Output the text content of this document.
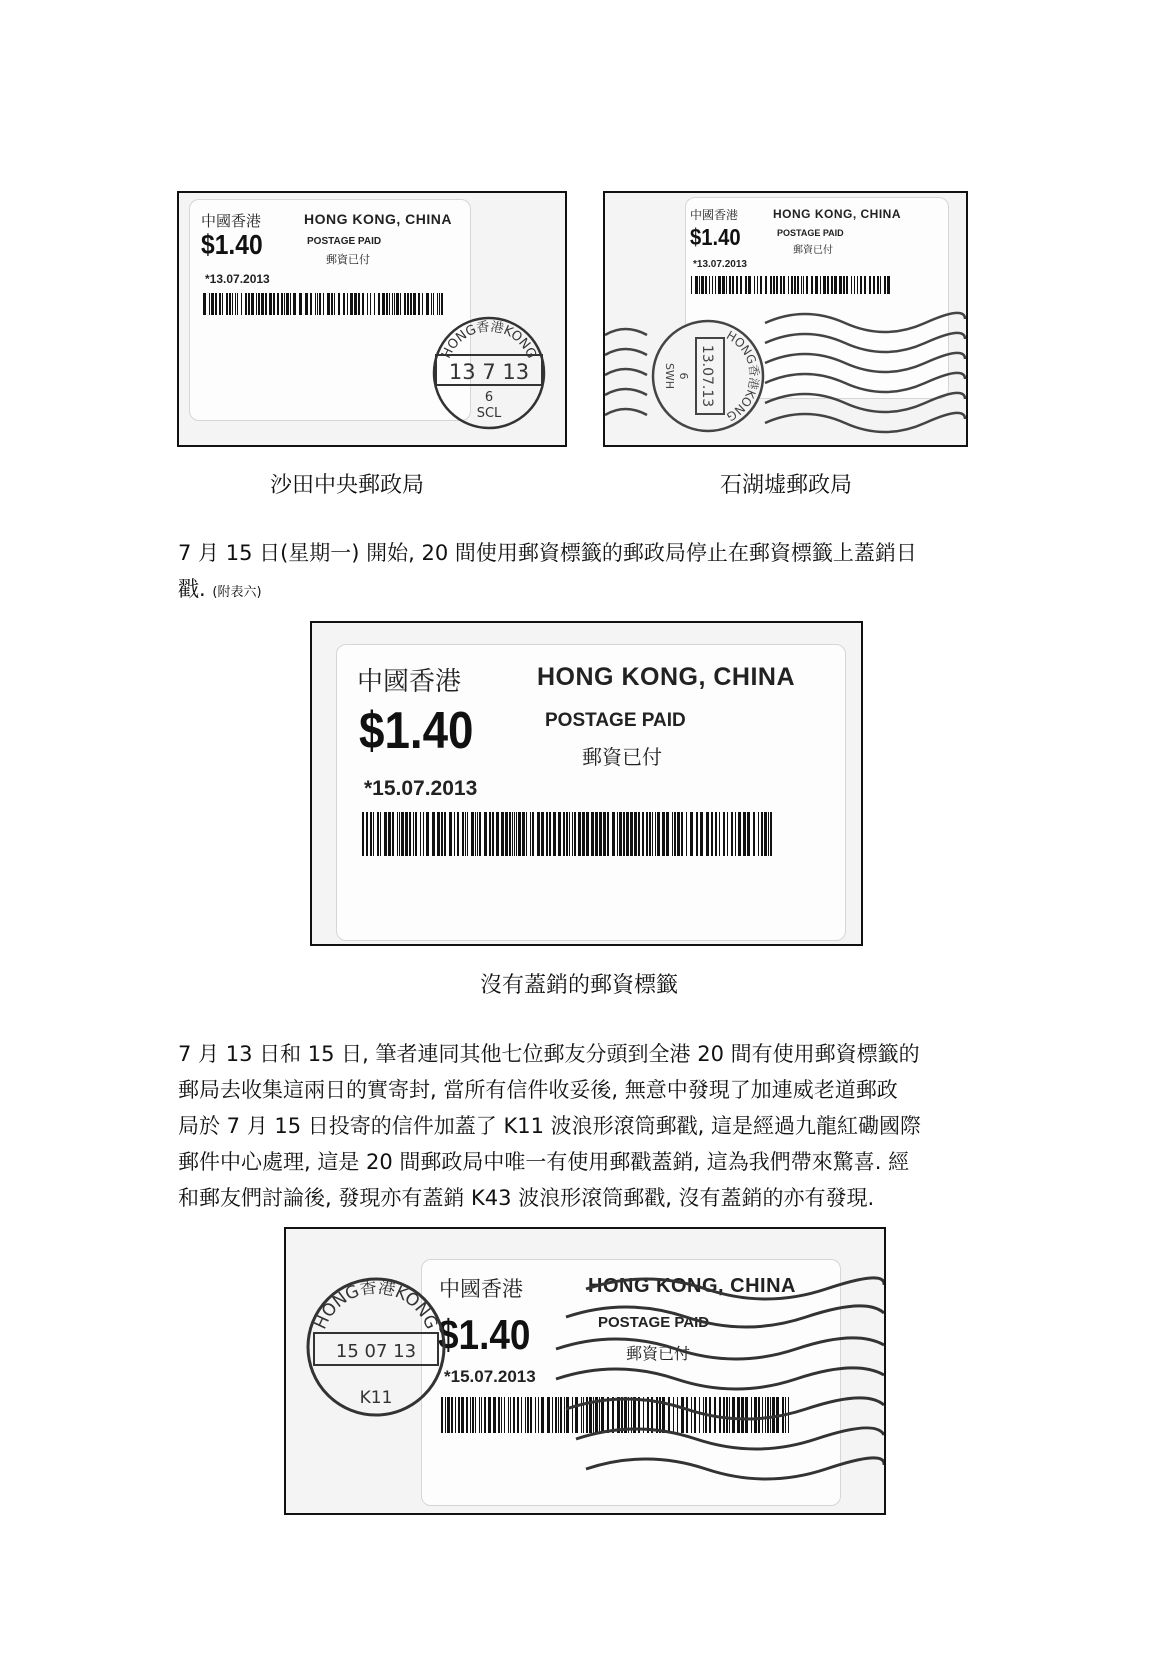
中國香港	HONG KONG, CHINA
$1.40	POSTAGE PAID
郵資已付
*13.07.2013
HONG香港KONG
13 7 13
6
SCL
沙田中央郵政局
中國香港	HONG KONG, CHINA
$1.40	POSTAGE PAID
郵資已付
*13.07.2013
HONG香港KONG
13.07.13
6
SWH
石湖墟郵政局

7 月 15 日(星期一) 開始, 20 間使用郵資標籤的郵政局停止在郵資標籤上蓋銷日

戳. (附表六)

中國香港	HONG KONG, CHINA
$1.40	POSTAGE PAID
郵資已付
*15.07.2013
沒有蓋銷的郵資標籤

7 月 13 日和 15 日, 筆者連同其他七位郵友分頭到全港 20 間有使用郵資標籤的

郵局去收集這兩日的實寄封, 當所有信件收妥後, 無意中發現了加連威老道郵政

局於 7 月 15 日投寄的信件加蓋了 K11 波浪形滾筒郵戳, 這是經過九龍紅磡國際

郵件中心處理, 這是 20 間郵政局中唯一有使用郵戳蓋銷, 這為我們帶來驚喜. 經

和郵友們討論後, 發現亦有蓋銷 K43 波浪形滾筒郵戳, 沒有蓋銷的亦有發現.

中國香港	HONG KONG, CHINA
$1.40	POSTAGE PAID
郵資已付
*15.07.2013
HONG香港KONG
15 07 13
K11
